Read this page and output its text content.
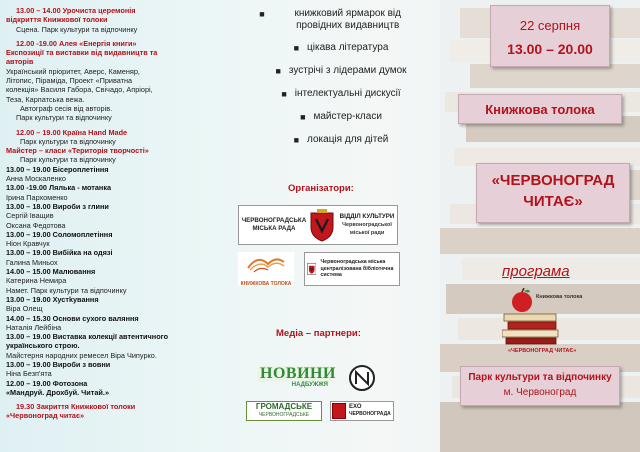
13.00 – 14.00 Урочиста церемонія
відкриття Книжкової толоки
Сцена. Парк культури та відпочинку
12.00 -19.00 Алея «Енергія книги»
Експозиції та виставки від видавництв та
авторів
Український пріоритет, Аверс, Каменяр,
Літопис, Піраміда, Проект «Приватна
колекція» Василя Габора, Свічадо, Апріорі,
Теза, Карпатська вежа.
Автограф сесія від авторів.
Парк культури та відпочинку
12.00 – 19.00 Країна Hand Made
Парк культури та відпочинку
Майстер – класи «Територія творчості»
Парк культури та відпочинку
13.00 – 19.00 Бісероплетіння
Анна Москаленко
13.00 -19.00 Лялька - мотанка
Ірина Пархоменко
13.00 – 18.00 Вироби з глини
Сергій Іващив
Оксана Федотова
13.00 – 19.00 Соломоплетіння
Ніон Кравчук
13.00 – 19.00 Вибійка на одязі
Галина Миньох
14.00 – 15.00 Малювання
Катерина Немира
Намет. Парк культури та відпочинку
13.00 – 19.00 Хустkування
Віра Олещ
14.00 – 15.30 Основи сухого валяння
Наталія Лейбіна
13.00 – 19.00 Виставка колекції автентичного
українського строю.
Майстерня народних ремесел Віра Чипурко.
13.00 – 19.00 Вироби з вовни
Ніна Безп'ята
12.00 – 19.00 Фотозона
«Мандруй. Дрохбуй. Читай.»
19.30 Закриття Книжкової толоки
«Червоноград читає»
■	книжковий ярмарок від провідних видавництв
■ цікава література
■ зустрічі з лідерами думок
■ інтелектуальні дискусії
■ майстер-класи
■ локація для дітей
Організатори:
ЧЕРВОНОГРАДСЬКА МІСЬКА РАДА
ВІДДІЛ КУЛЬТУРИ
Червоноградської міської ради
КНИЖКОВА ТОЛОКА
Червоноградська міська централізована бібліотечна система
Медіа – партнери:
НОВИНИ
НАДБУЖЖЯ
ГРОМАДСЬКЕ
ЧЕРВОНОГРАДСЬКЕ
ЕХО
ЧЕРВОНОГРАДА
22 серпня
13.00 – 20.00
Книжкова толока
«ЧЕРВОНОГРАД
ЧИТАЄ»
програма
Книжкова толока
«ЧЕРВОНОГРАД ЧИТАЄ»
Парк культури та відпочинку
м. Червоноград
